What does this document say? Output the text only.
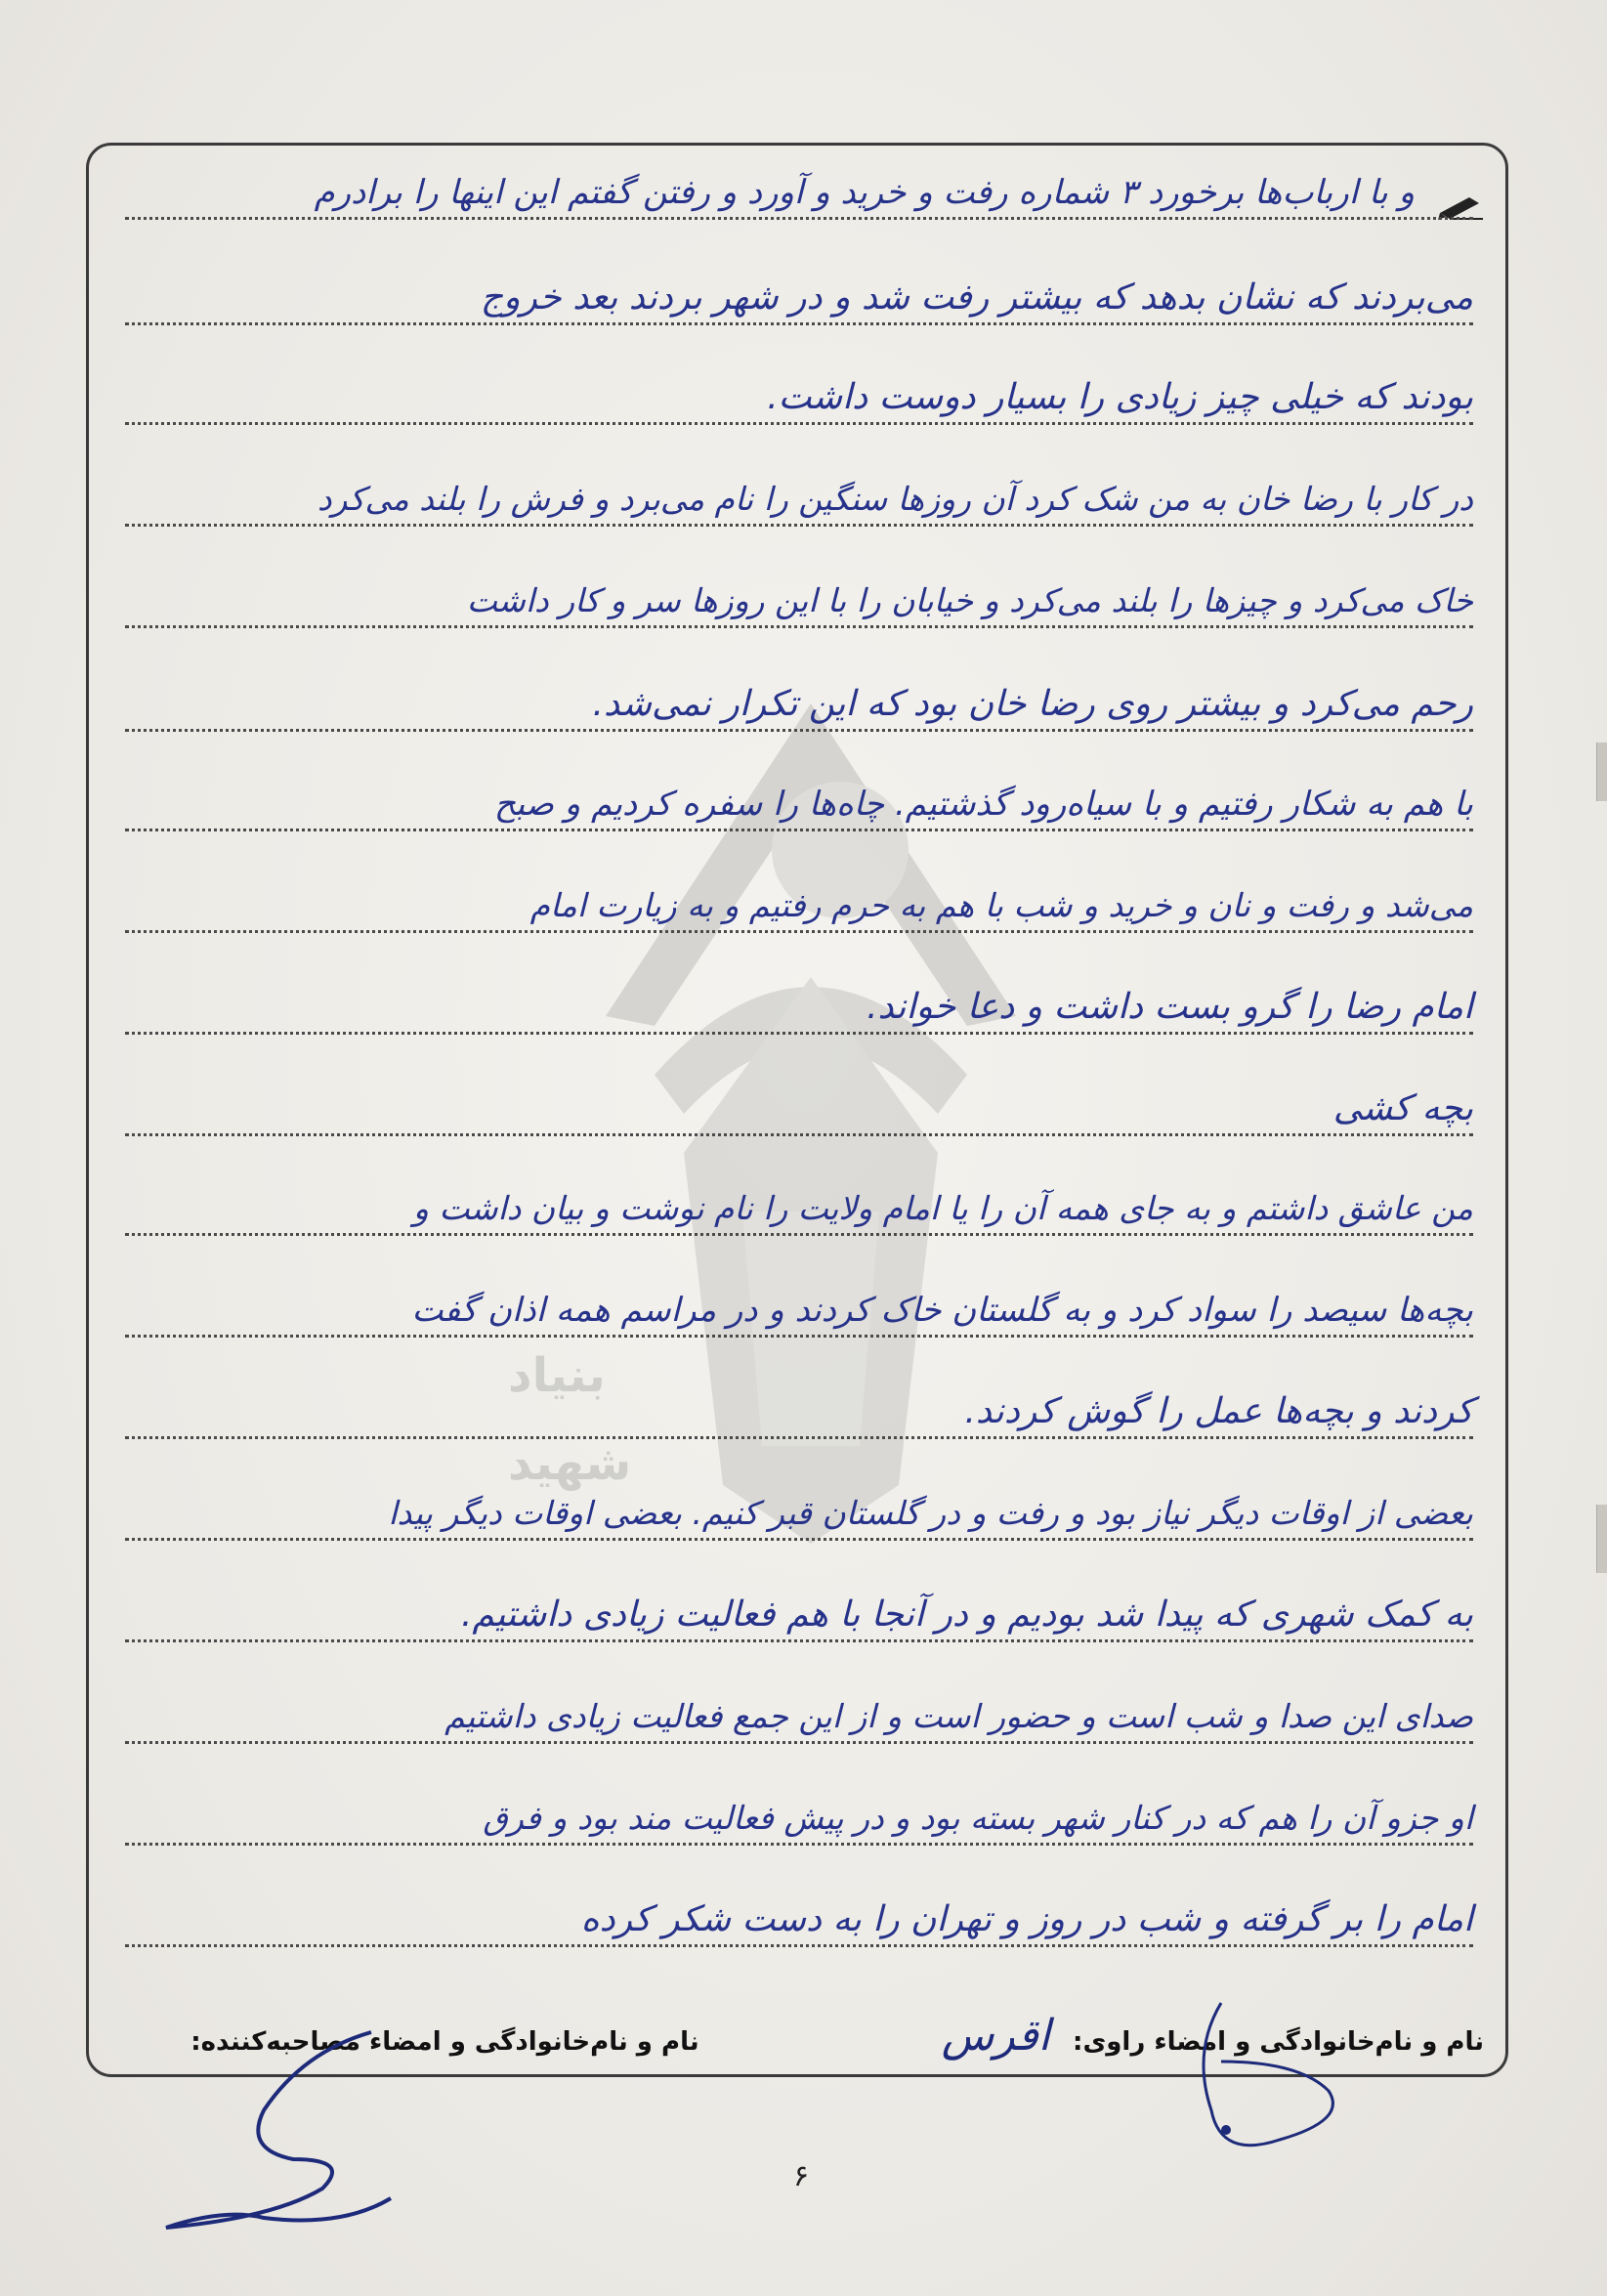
بنیاد
شهید
و با ارباب‌ها برخورد ۳ شماره رفت و خرید و آورد و رفتن گفتم این اینها را برادرم
می‌بردند که نشان بدهد که بیشتر رفت شد و در شهر بردند بعد خروج
بودند که خیلی چیز زیادی را بسیار دوست داشت.
در کار با رضا خان به من شک کرد آن روزها سنگین را نام می‌برد و فرش را بلند می‌کرد
خاک می‌کرد و چیزها را بلند می‌کرد و خیابان را با این روزها سر و کار داشت
رحم می‌کرد و بیشتر روی رضا خان بود که این تکرار نمی‌شد.
با هم به شکار رفتیم و با سیاه‌رود گذشتیم. چاه‌ها را سفره کردیم و صبح
می‌شد و رفت و نان و خرید و شب با هم به حرم رفتیم و به زیارت امام
امام رضا را گرو بست داشت و دعا خواند.
بچه کشی
من عاشق داشتم و به جای همه آن را یا امام ولایت را نام نوشت و بیان داشت و
بچه‌ها سیصد را سواد کرد و به گلستان خاک کردند و در مراسم همه اذان گفت
کردند و بچه‌ها عمل را گوش کردند.
بعضی از اوقات دیگر نیاز بود و رفت و در گلستان قبر کنیم. بعضی اوقات دیگر پیدا
به کمک شهری که پیدا شد بودیم و در آنجا با هم فعالیت زیادی داشتیم.
صدای این صدا و شب است و حضور است و از این جمع فعالیت زیادی داشتیم
او جزو آن را هم که در کنار شهر بسته بود و در پیش فعالیت مند بود و فرق
امام را بر گرفته و شب در روز و تهران را به دست شکر کرده
نام و نام‌خانوادگی و امضاء راوی: اقرس  نام و نام‌خانوادگی و امضاء مصاحبه‌کننده:
۶
